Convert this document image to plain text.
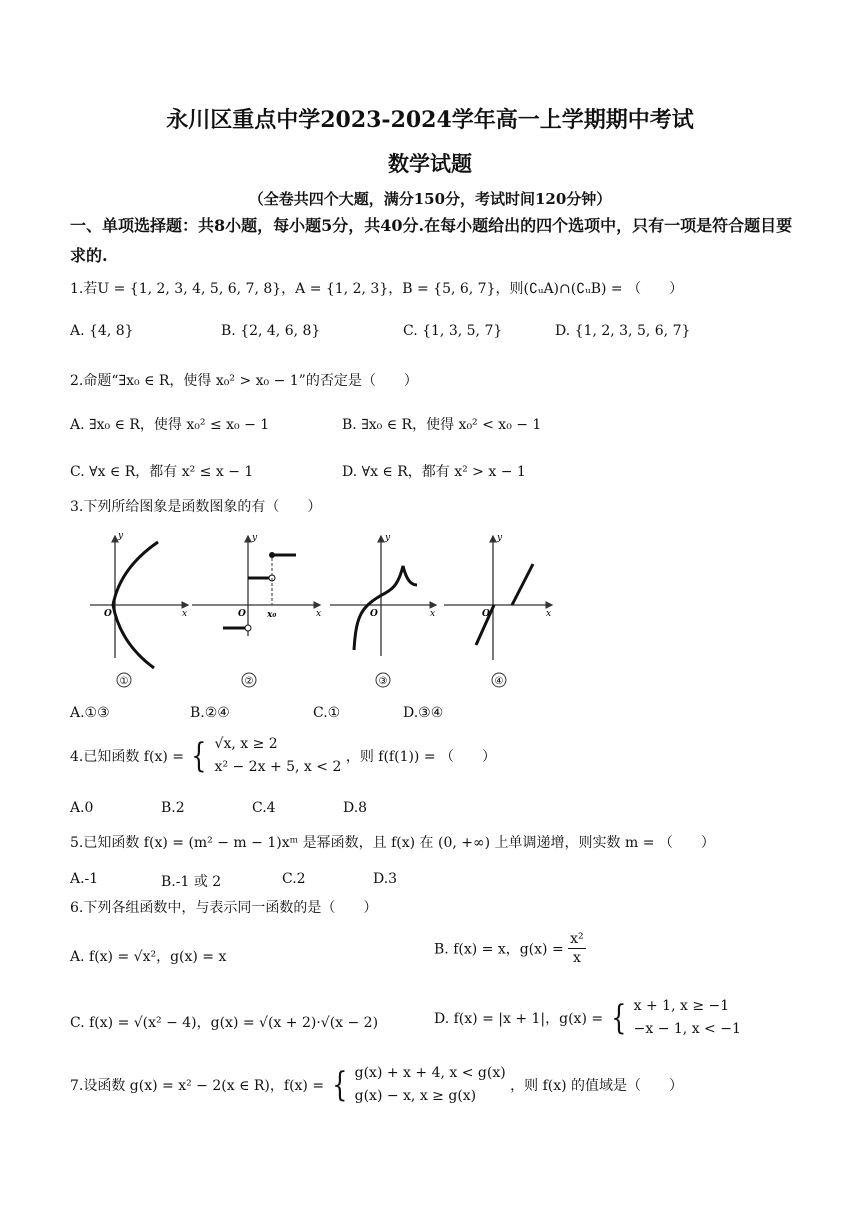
永川区重点中学2023-2024学年高一上学期期中考试
数学试题
（全卷共四个大题，满分150分，考试时间120分钟）
一、单项选择题：共8小题，每小题5分，共40分.在每小题给出的四个选项中，只有一项是符合题目要求的.
1.若U = {1, 2, 3, 4, 5, 6, 7, 8}，A = {1, 2, 3}，B = {5, 6, 7}，则(∁ᵤA)∩(∁ᵤB) = （　　）
A. {4, 8}	B. {2, 4, 6, 8}	C. {1, 3, 5, 7}	D. {1, 2, 3, 5, 6, 7}
2.命题“∃x₀ ∈ R，使得 x₀² > x₀ − 1”的否定是（　　）
A. ∃x₀ ∈ R，使得 x₀² ≤ x₀ − 1	B. ∃x₀ ∈ R，使得 x₀² < x₀ − 1
C. ∀x ∈ R，都有 x² ≤ x − 1	D. ∀x ∈ R，都有 x² > x − 1
3.下列所给图象是函数图象的有（　　）
y
x
O
①
y
x
O x₀
②
y
x
O
③
y
x
O
④
A.①③	B.②④	C.①	D.③④
4.已知函数 f(x) = { √x, x ≥ 2
x² − 2x + 5, x < 2
，则 f(f(1)) = （　　）
A.0	B.2	C.4	D.8
5.已知函数 f(x) = (m² − m − 1)xᵐ 是幂函数，且 f(x) 在 (0, +∞) 上单调递增，则实数 m = （　　）
A.-1	B.-1 或 2	C.2	D.3
6.下列各组函数中，与表示同一函数的是（　　）
A. f(x) = √x²，g(x) = x	B. f(x) = x，$g(x) = \frac{\text{x²}}{x}$
C. f(x) = √(x² − 4)，g(x) = √(x + 2)·√(x − 2)	D. f(x) = |x + 1|，g(x) = { x + 1, x ≥ −1
−x − 1, x < −1
7.设函数 g(x) = x² − 2(x ∈ R)，f(x) = { g(x) + x + 4, x < g(x)
g(x) − x, x ≥ g(x)
，则 f(x) 的值域是（　　）
